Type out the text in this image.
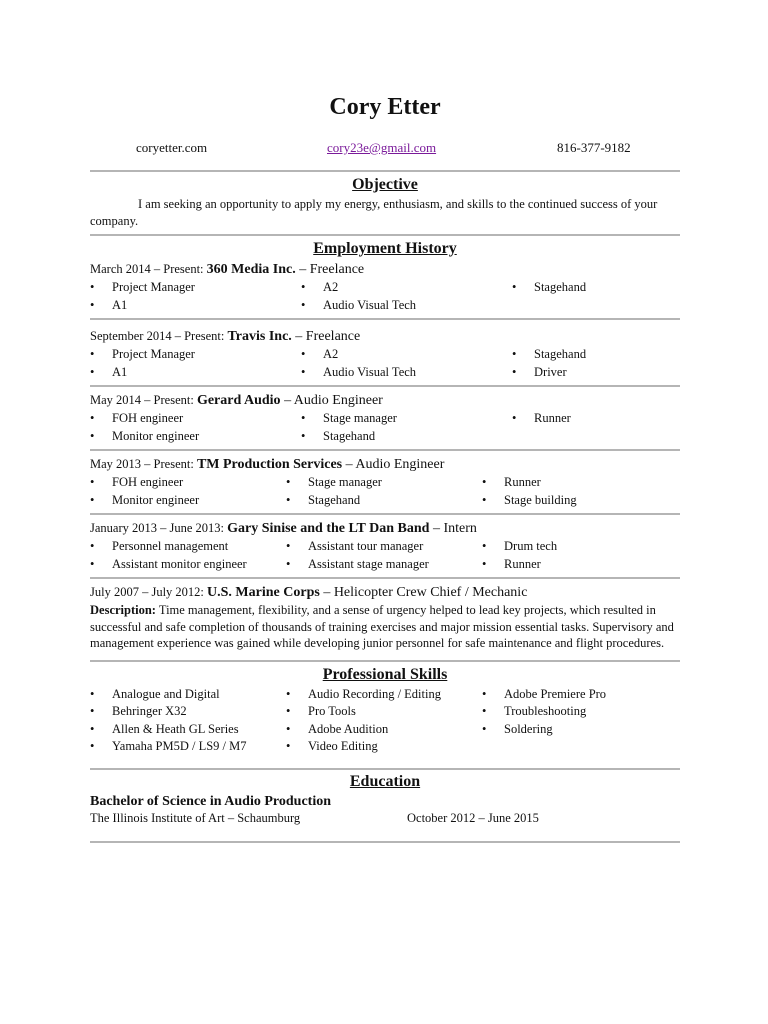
Cory Etter
coryetter.com	cory23e@gmail.com	816-377-9182
Objective
I am seeking an opportunity to apply my energy, enthusiasm, and skills to the continued success of your company.
Employment History
March 2014 – Present: 360 Media Inc. – Freelance
• Project Manager
• A1
• A2
• Audio Visual Tech
• Stagehand
September 2014 – Present: Travis Inc. – Freelance
• Project Manager
• A1
• A2
• Audio Visual Tech
• Stagehand
• Driver
May 2014 – Present: Gerard Audio – Audio Engineer
• FOH engineer
• Monitor engineer
• Stage manager
• Stagehand
• Runner
May 2013 – Present: TM Production Services – Audio Engineer
• FOH engineer
• Monitor engineer
• Stage manager
• Stagehand
• Runner
• Stage building
January 2013 – June 2013: Gary Sinise and the LT Dan Band – Intern
• Personnel management
• Assistant monitor engineer
• Assistant tour manager
• Assistant stage manager
• Drum tech
• Runner
July 2007 – July 2012: U.S. Marine Corps – Helicopter Crew Chief / Mechanic
Description: Time management, flexibility, and a sense of urgency helped to lead key projects, which resulted in successful and safe completion of thousands of training exercises and major mission essential tasks. Supervisory and management experience was gained while developing junior personnel for safe maintenance and flight procedures.
Professional Skills
• Analogue and Digital
• Behringer X32
• Allen & Heath GL Series
• Yamaha PM5D / LS9 / M7
• Audio Recording / Editing
• Pro Tools
• Adobe Audition
• Video Editing
• Adobe Premiere Pro
• Troubleshooting
• Soldering
Education
Bachelor of Science in Audio Production
The Illinois Institute of Art – Schaumburg	October 2012 – June 2015
